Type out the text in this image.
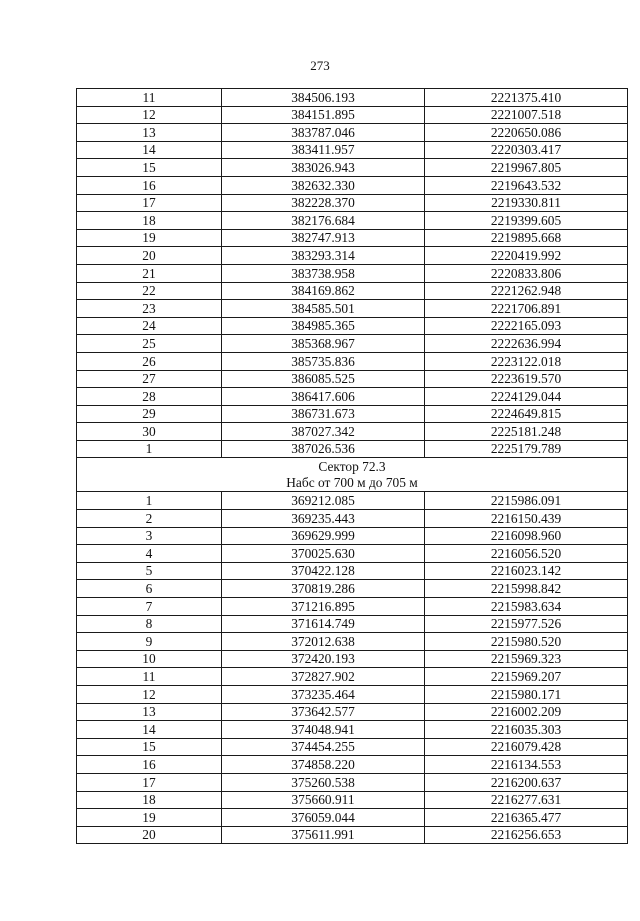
273
11	384506.193	2221375.410
12	384151.895	2221007.518
13	383787.046	2220650.086
14	383411.957	2220303.417
15	383026.943	2219967.805
16	382632.330	2219643.532
17	382228.370	2219330.811
18	382176.684	2219399.605
19	382747.913	2219895.668
20	383293.314	2220419.992
21	383738.958	2220833.806
22	384169.862	2221262.948
23	384585.501	2221706.891
24	384985.365	2222165.093
25	385368.967	2222636.994
26	385735.836	2223122.018
27	386085.525	2223619.570
28	386417.606	2224129.044
29	386731.673	2224649.815
30	387027.342	2225181.248
1	387026.536	2225179.789

Сектор 72.3
Набс от 700 м до 705 м		

1	369212.085	2215986.091
2	369235.443	2216150.439
3	369629.999	2216098.960
4	370025.630	2216056.520
5	370422.128	2216023.142
6	370819.286	2215998.842
7	371216.895	2215983.634
8	371614.749	2215977.526
9	372012.638	2215980.520
10	372420.193	2215969.323
11	372827.902	2215969.207
12	373235.464	2215980.171
13	373642.577	2216002.209
14	374048.941	2216035.303
15	374454.255	2216079.428
16	374858.220	2216134.553
17	375260.538	2216200.637
18	375660.911	2216277.631
19	376059.044	2216365.477
20	375611.991	2216256.653
